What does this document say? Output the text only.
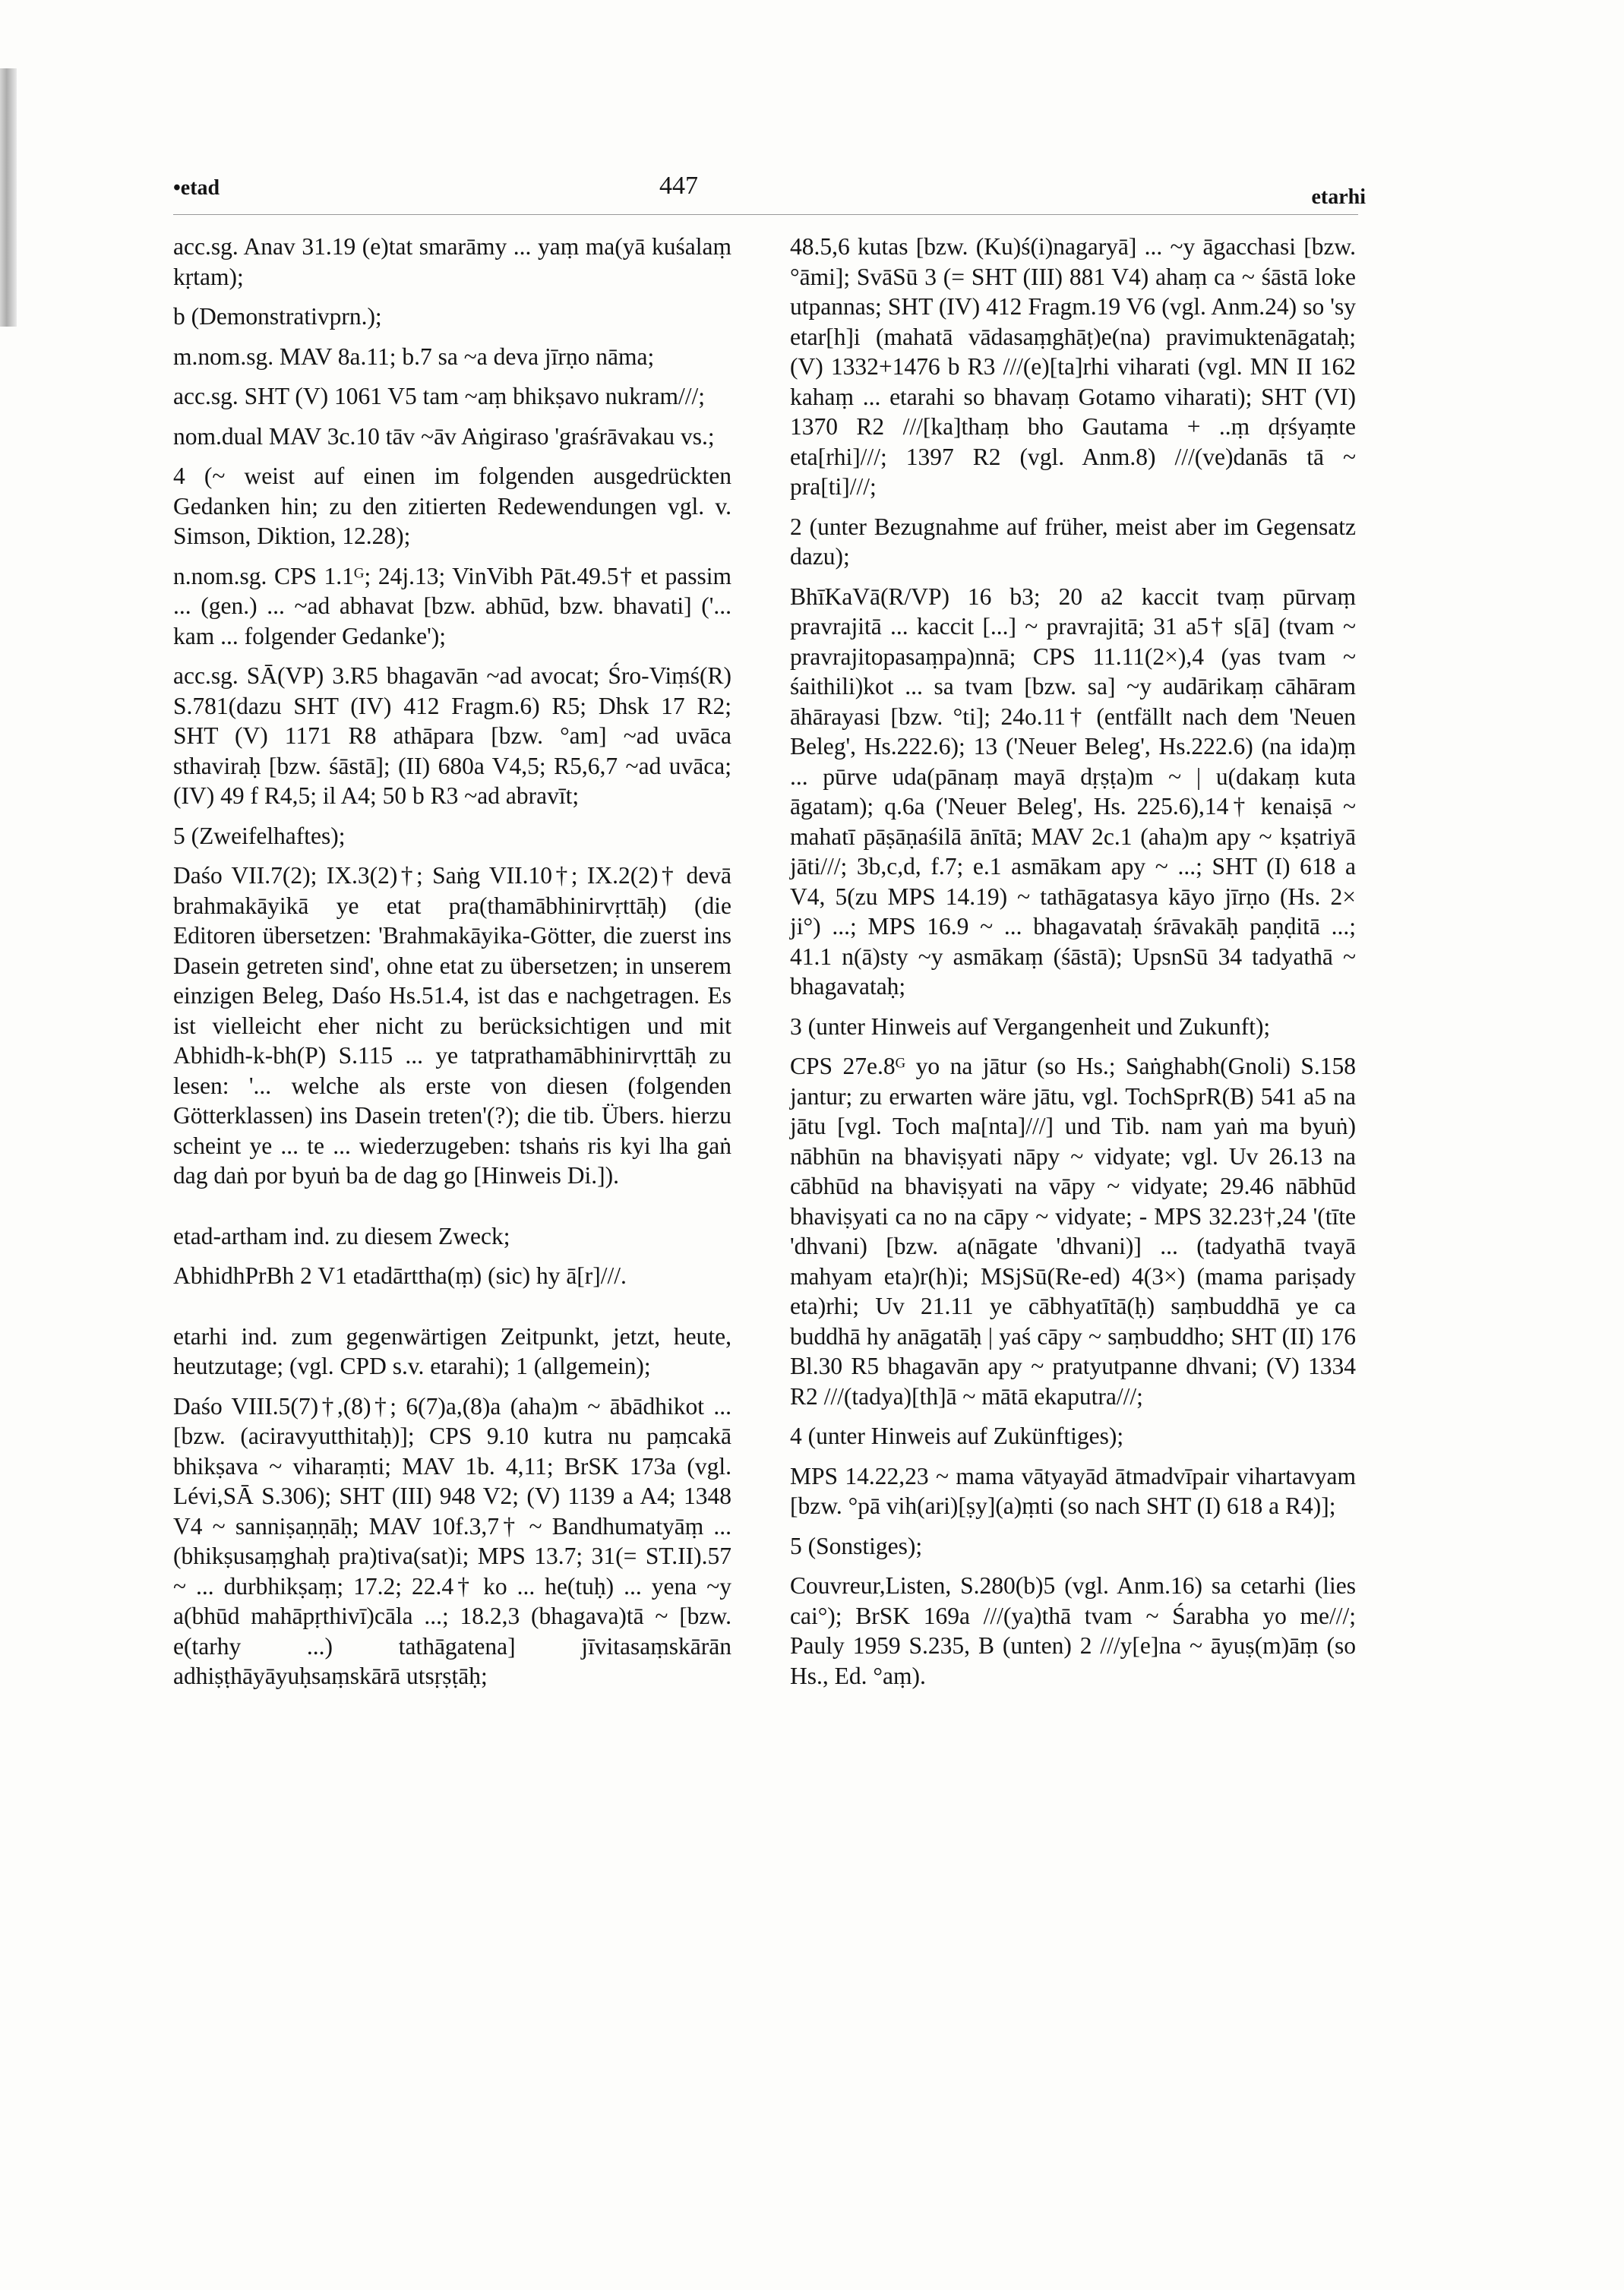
•etad	447	etarhi

acc.sg. Anav 31.19 (e)tat smarāmy ... yaṃ ma(yā kuśalaṃ kṛtam);

b (Demonstrativprn.);

m.nom.sg. MAV 8a.11; b.7 sa ~a deva jīrṇo nāma;

acc.sg. SHT (V) 1061 V5 tam ~aṃ bhikṣavo nukram///;

nom.dual MAV 3c.10 tāv ~āv Aṅgiraso 'graśrāvakau vs.;

4 (~ weist auf einen im folgenden ausgedrückten Gedanken hin; zu den zitierten Redewendungen vgl. v. Simson, Diktion, 12.28);

n.nom.sg. CPS 1.1ᴳ; 24j.13; VinVibh Pāt.49.5† et passim ... (gen.) ... ~ad abhavat [bzw. abhūd, bzw. bhavati] ('... kam ... folgender Gedanke');

acc.sg. SĀ(VP) 3.R5 bhagavān ~ad avocat; Śro-Viṃś(R) S.781(dazu SHT (IV) 412 Fragm.6) R5; Dhsk 17 R2; SHT (V) 1171 R8 athāpara [bzw. °am] ~ad uvāca sthaviraḥ [bzw. śāstā]; (II) 680a V4,5; R5,6,7 ~ad uvāca; (IV) 49 f R4,5; il A4; 50 b R3 ~ad abravīt;

5 (Zweifelhaftes);

Daśo VII.7(2); IX.3(2)†; Saṅg VII.10†; IX.2(2)† devā brahmakāyikā ye etat pra(thamābhinirvṛttāḥ) (die Editoren übersetzen: 'Brahmakāyika-Götter, die zuerst ins Dasein getreten sind', ohne etat zu übersetzen; in unserem einzigen Beleg, Daśo Hs.51.4, ist das e nachgetragen. Es ist vielleicht eher nicht zu berücksichtigen und mit Abhidh-k-bh(P) S.115 ... ye tatprathamābhinirvṛttāḥ zu lesen: '... welche als erste von diesen (folgenden Götterklassen) ins Dasein treten'(?); die tib. Übers. hierzu scheint ye ... te ... wiederzugeben: tshaṅs ris kyi lha gaṅ dag daṅ por byuṅ ba de dag go [Hinweis Di.]).

etad-artham ind. zu diesem Zweck;

AbhidhPrBh 2 V1 etadārttha(ṃ) (sic) hy ā[r]///.

etarhi ind. zum gegenwärtigen Zeitpunkt, jetzt, heute, heutzutage; (vgl. CPD s.v. etarahi); 1 (allgemein);

Daśo VIII.5(7)†,(8)†; 6(7)a,(8)a (aha)m ~ ābādhikot ... [bzw. (aciravyutthitaḥ)]; CPS 9.10 kutra nu paṃcakā bhikṣava ~ viharaṃti; MAV 1b. 4,11; BrSK 173a (vgl. Lévi,SĀ S.306); SHT (III) 948 V2; (V) 1139 a A4; 1348 V4 ~ sanniṣaṇṇāḥ; MAV 10f.3,7† ~ Bandhumatyāṃ ... (bhikṣusaṃghaḥ pra)tiva(sat)i; MPS 13.7; 31(= ST.II).57 ~ ... durbhikṣaṃ; 17.2; 22.4† ko ... he(tuḥ) ... yena ~y a(bhūd mahāpṛthivī)cāla ...; 18.2,3 (bhagava)tā ~ [bzw. e(tarhy ...) tathāgatena] jīvitasaṃskārān adhiṣṭhāyāyuḥsaṃskārā utsṛṣṭāḥ;

48.5,6 kutas [bzw. (Ku)ś(i)nagaryā] ... ~y āgacchasi [bzw. °āmi]; SvāSū 3 (= SHT (III) 881 V4) ahaṃ ca ~ śāstā loke utpannas; SHT (IV) 412 Fragm.19 V6 (vgl. Anm.24) so 'sy etar[h]i (mahatā vādasaṃghāṭ)e(na) pravimuktenāgataḥ; (V) 1332+1476 b R3 ///(e)[ta]rhi viharati (vgl. MN II 162 kahaṃ ... etarahi so bhavaṃ Gotamo viharati); SHT (VI) 1370 R2 ///[ka]thaṃ bho Gautama + ..ṃ dṛśyaṃte eta[rhi]///; 1397 R2 (vgl. Anm.8) ///(ve)danās tā ~ pra[ti]///;

2 (unter Bezugnahme auf früher, meist aber im Gegensatz dazu);

BhīKaVā(R/VP) 16 b3; 20 a2 kaccit tvaṃ pūrvaṃ pravrajitā ... kaccit [...] ~ pravrajitā; 31 a5† s[ā] (tvam ~ pravrajitopasaṃpa)nnā; CPS 11.11(2×),4 (yas tvam ~ śaithili)kot ... sa tvam [bzw. sa] ~y audārikaṃ cāhāram āhārayasi [bzw. °ti]; 24o.11† (entfällt nach dem 'Neuen Beleg', Hs.222.6); 13 ('Neuer Beleg', Hs.222.6) (na ida)ṃ ... pūrve uda(pānaṃ mayā dṛṣṭa)m ~ | u(dakaṃ kuta āgatam); q.6a ('Neuer Beleg', Hs. 225.6),14† kenaiṣā ~ mahatī pāṣāṇaśilā ānītā; MAV 2c.1 (aha)m apy ~ kṣatriyā jāti///; 3b,c,d, f.7; e.1 asmākam apy ~ ...; SHT (I) 618 a V4, 5(zu MPS 14.19) ~ tathāgatasya kāyo jīrṇo (Hs. 2× ji°) ...; MPS 16.9 ~ ... bhagavataḥ śrāvakāḥ paṇḍitā ...; 41.1 n(ā)sty ~y asmākaṃ (śāstā); UpsnSū 34 tadyathā ~ bhagavataḥ;

3 (unter Hinweis auf Vergangenheit und Zukunft);

CPS 27e.8ᴳ yo na jātur (so Hs.; Saṅghabh(Gnoli) S.158 jantur; zu erwarten wäre jātu, vgl. TochSprR(B) 541 a5 na jātu [vgl. Toch ma[nta]///] und Tib. nam yaṅ ma byuṅ) nābhūn na bhaviṣyati nāpy ~ vidyate; vgl. Uv 26.13 na cābhūd na bhaviṣyati na vāpy ~ vidyate; 29.46 nābhūd bhaviṣyati ca no na cāpy ~ vidyate; - MPS 32.23†,24 '(tīte 'dhvani) [bzw. a(nāgate 'dhvani)] ... (tadyathā tvayā mahyam eta)r(h)i; MSjSū(Re-ed) 4(3×) (mama pariṣady eta)rhi; Uv 21.11 ye cābhyatītā(ḥ) saṃbuddhā ye ca buddhā hy anāgatāḥ | yaś cāpy ~ saṃbuddho; SHT (II) 176 Bl.30 R5 bhagavān apy ~ pratyutpanne dhvani; (V) 1334 R2 ///(tadya)[th]ā ~ mātā ekaputra///;

4 (unter Hinweis auf Zukünftiges);

MPS 14.22,23 ~ mama vātyayād ātmadvīpair vihartavyam [bzw. °pā vih(ari)[ṣy](a)ṃti (so nach SHT (I) 618 a R4)];

5 (Sonstiges);

Couvreur,Listen, S.280(b)5 (vgl. Anm.16) sa cetarhi (lies cai°); BrSK 169a ///(ya)thā tvam ~ Śarabha yo me///; Pauly 1959 S.235, B (unten) 2 ///y[e]na ~ āyuṣ(m)āṃ (so Hs., Ed. °aṃ).
